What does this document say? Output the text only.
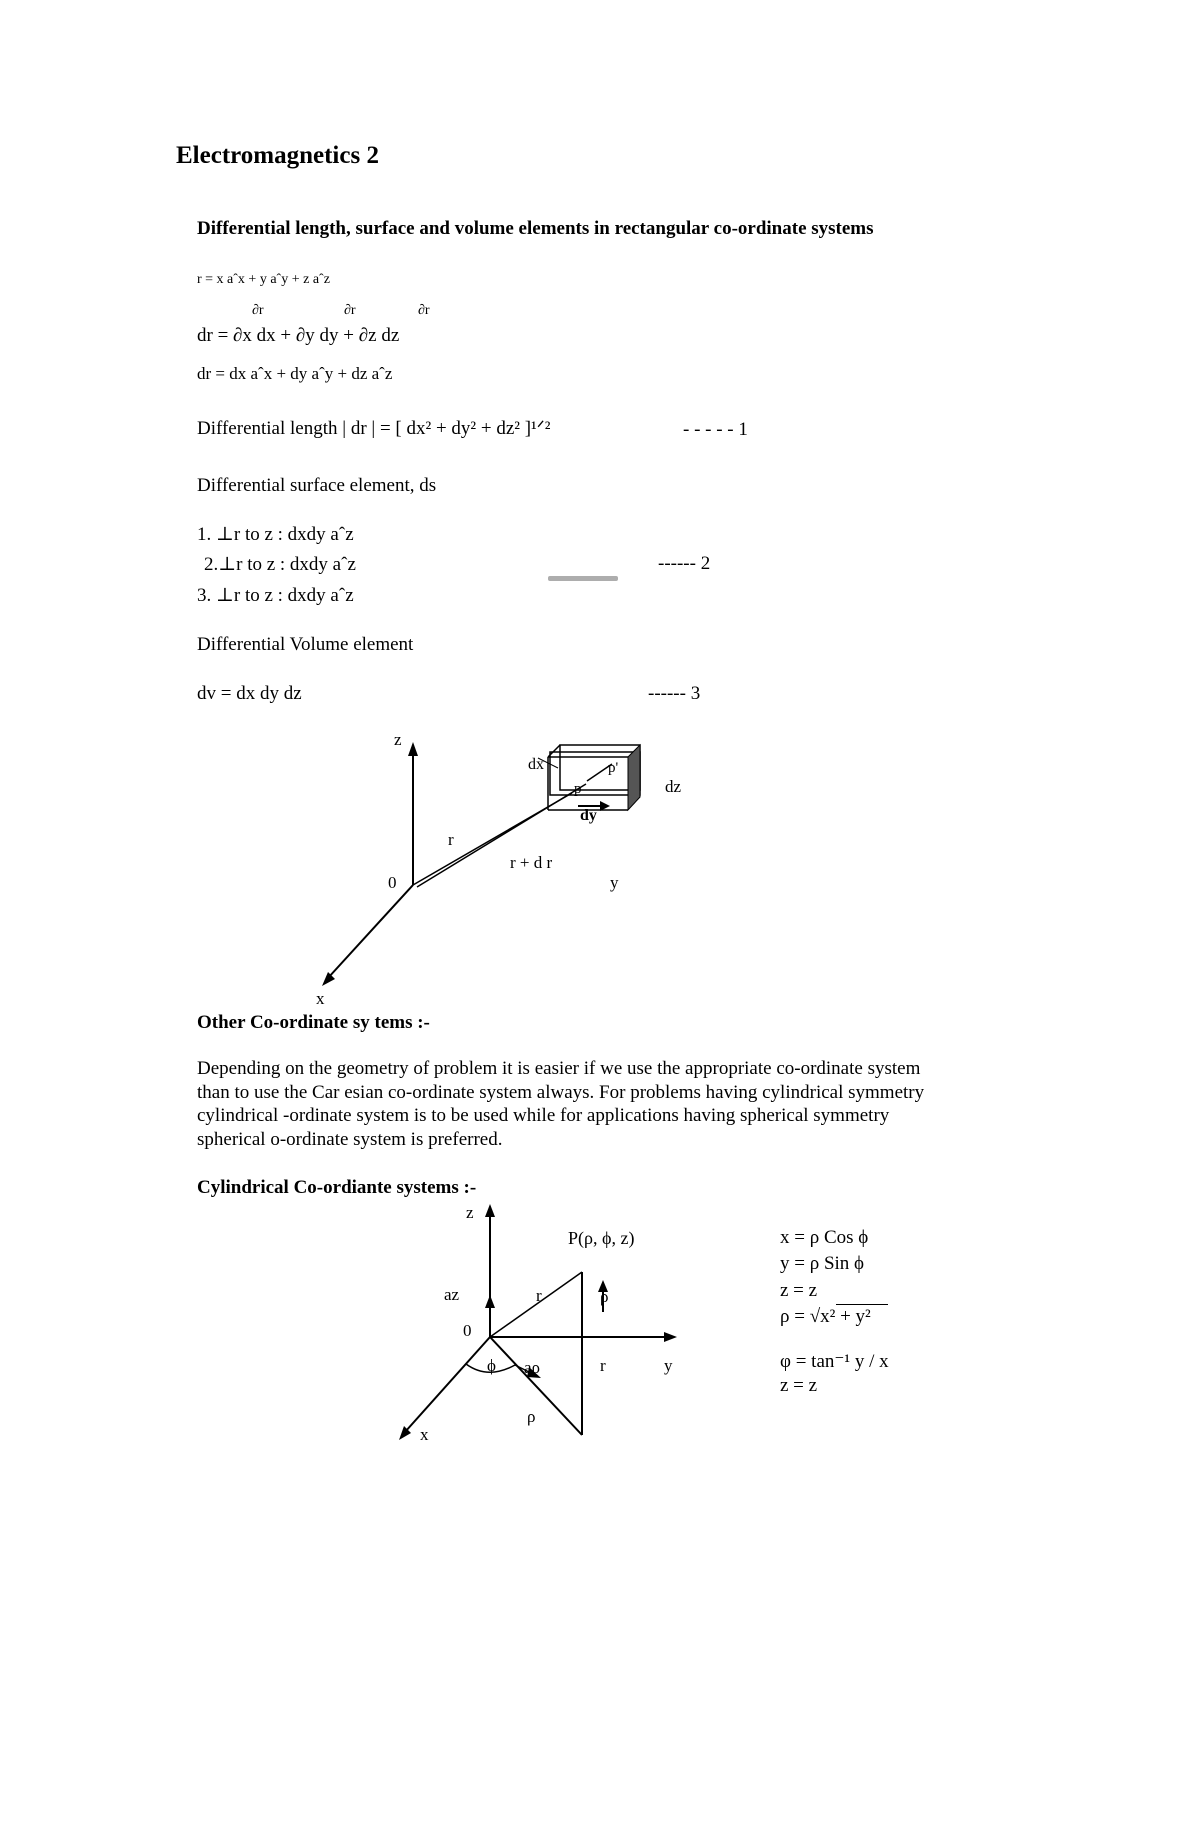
Electromagnetics 2
Differential length, surface and volume elements in rectangular co-ordinate systems
r = x aˆx + y aˆy + z aˆz
∂r	∂r	∂r
dr = ∂x dx + ∂y dy + ∂z dz
dr = dx aˆx + dy aˆy + dz aˆz
Differential length | dr | = [ dx² + dy² + dz² ]¹ᐟ²	- - - - - 1
Differential surface element, ds
1. ⊥r to z : dxdy aˆz
2.⊥r to z : dxdy aˆz
3. ⊥r to z : dxdy aˆz
------ 2
Differential Volume element
dv = dx dy dz	------ 3
z
0
x
y
r
r + d r
dx
dy
dz
p
p'
Other Co-ordinate sy tems :-
Depending on the geometry of problem it is easier if we use the appropriate co-ordinate system
than to use the Car esian co-ordinate system always. For problems having cylindrical symmetry
cylindrical -ordinate system is to be used while for applications having spherical symmetry
spherical o-ordinate system is preferred.
Cylindrical Co-ordiante systems :-
z
P(ρ, ϕ, z)
az	r	ρ
0
ϕ aρ	r	y
ρ
x
x = ρ Cos ϕ
y = ρ Sin ϕ
z = z
ρ = √x² + y²
φ = tan⁻¹ y / x
z = z
